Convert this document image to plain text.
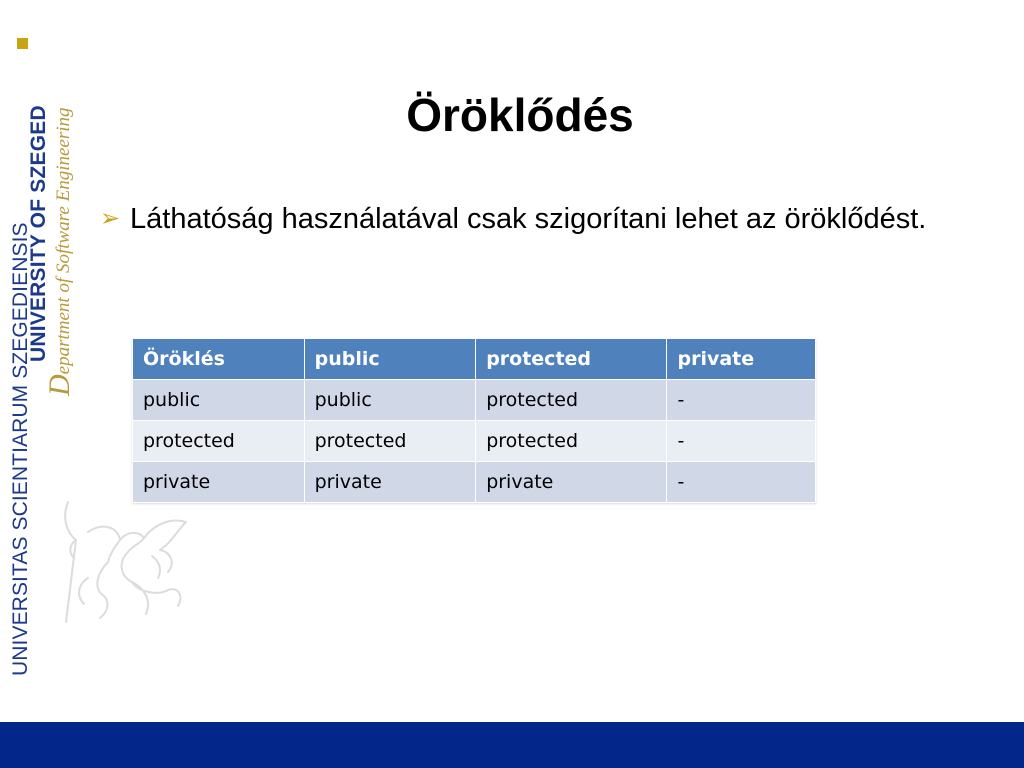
UNIVERSITAS SCIENTIARUM SZEGEDIENSIS
UNIVERSITY OF SZEGED
Department of Software Engineering	Öröklődés
➢ Láthatóság használatával csak szigorítani lehet az öröklődést.
Öröklés	public	protected	private
public	public	protected	-
protected	protected	protected	-
private	private	private	-
